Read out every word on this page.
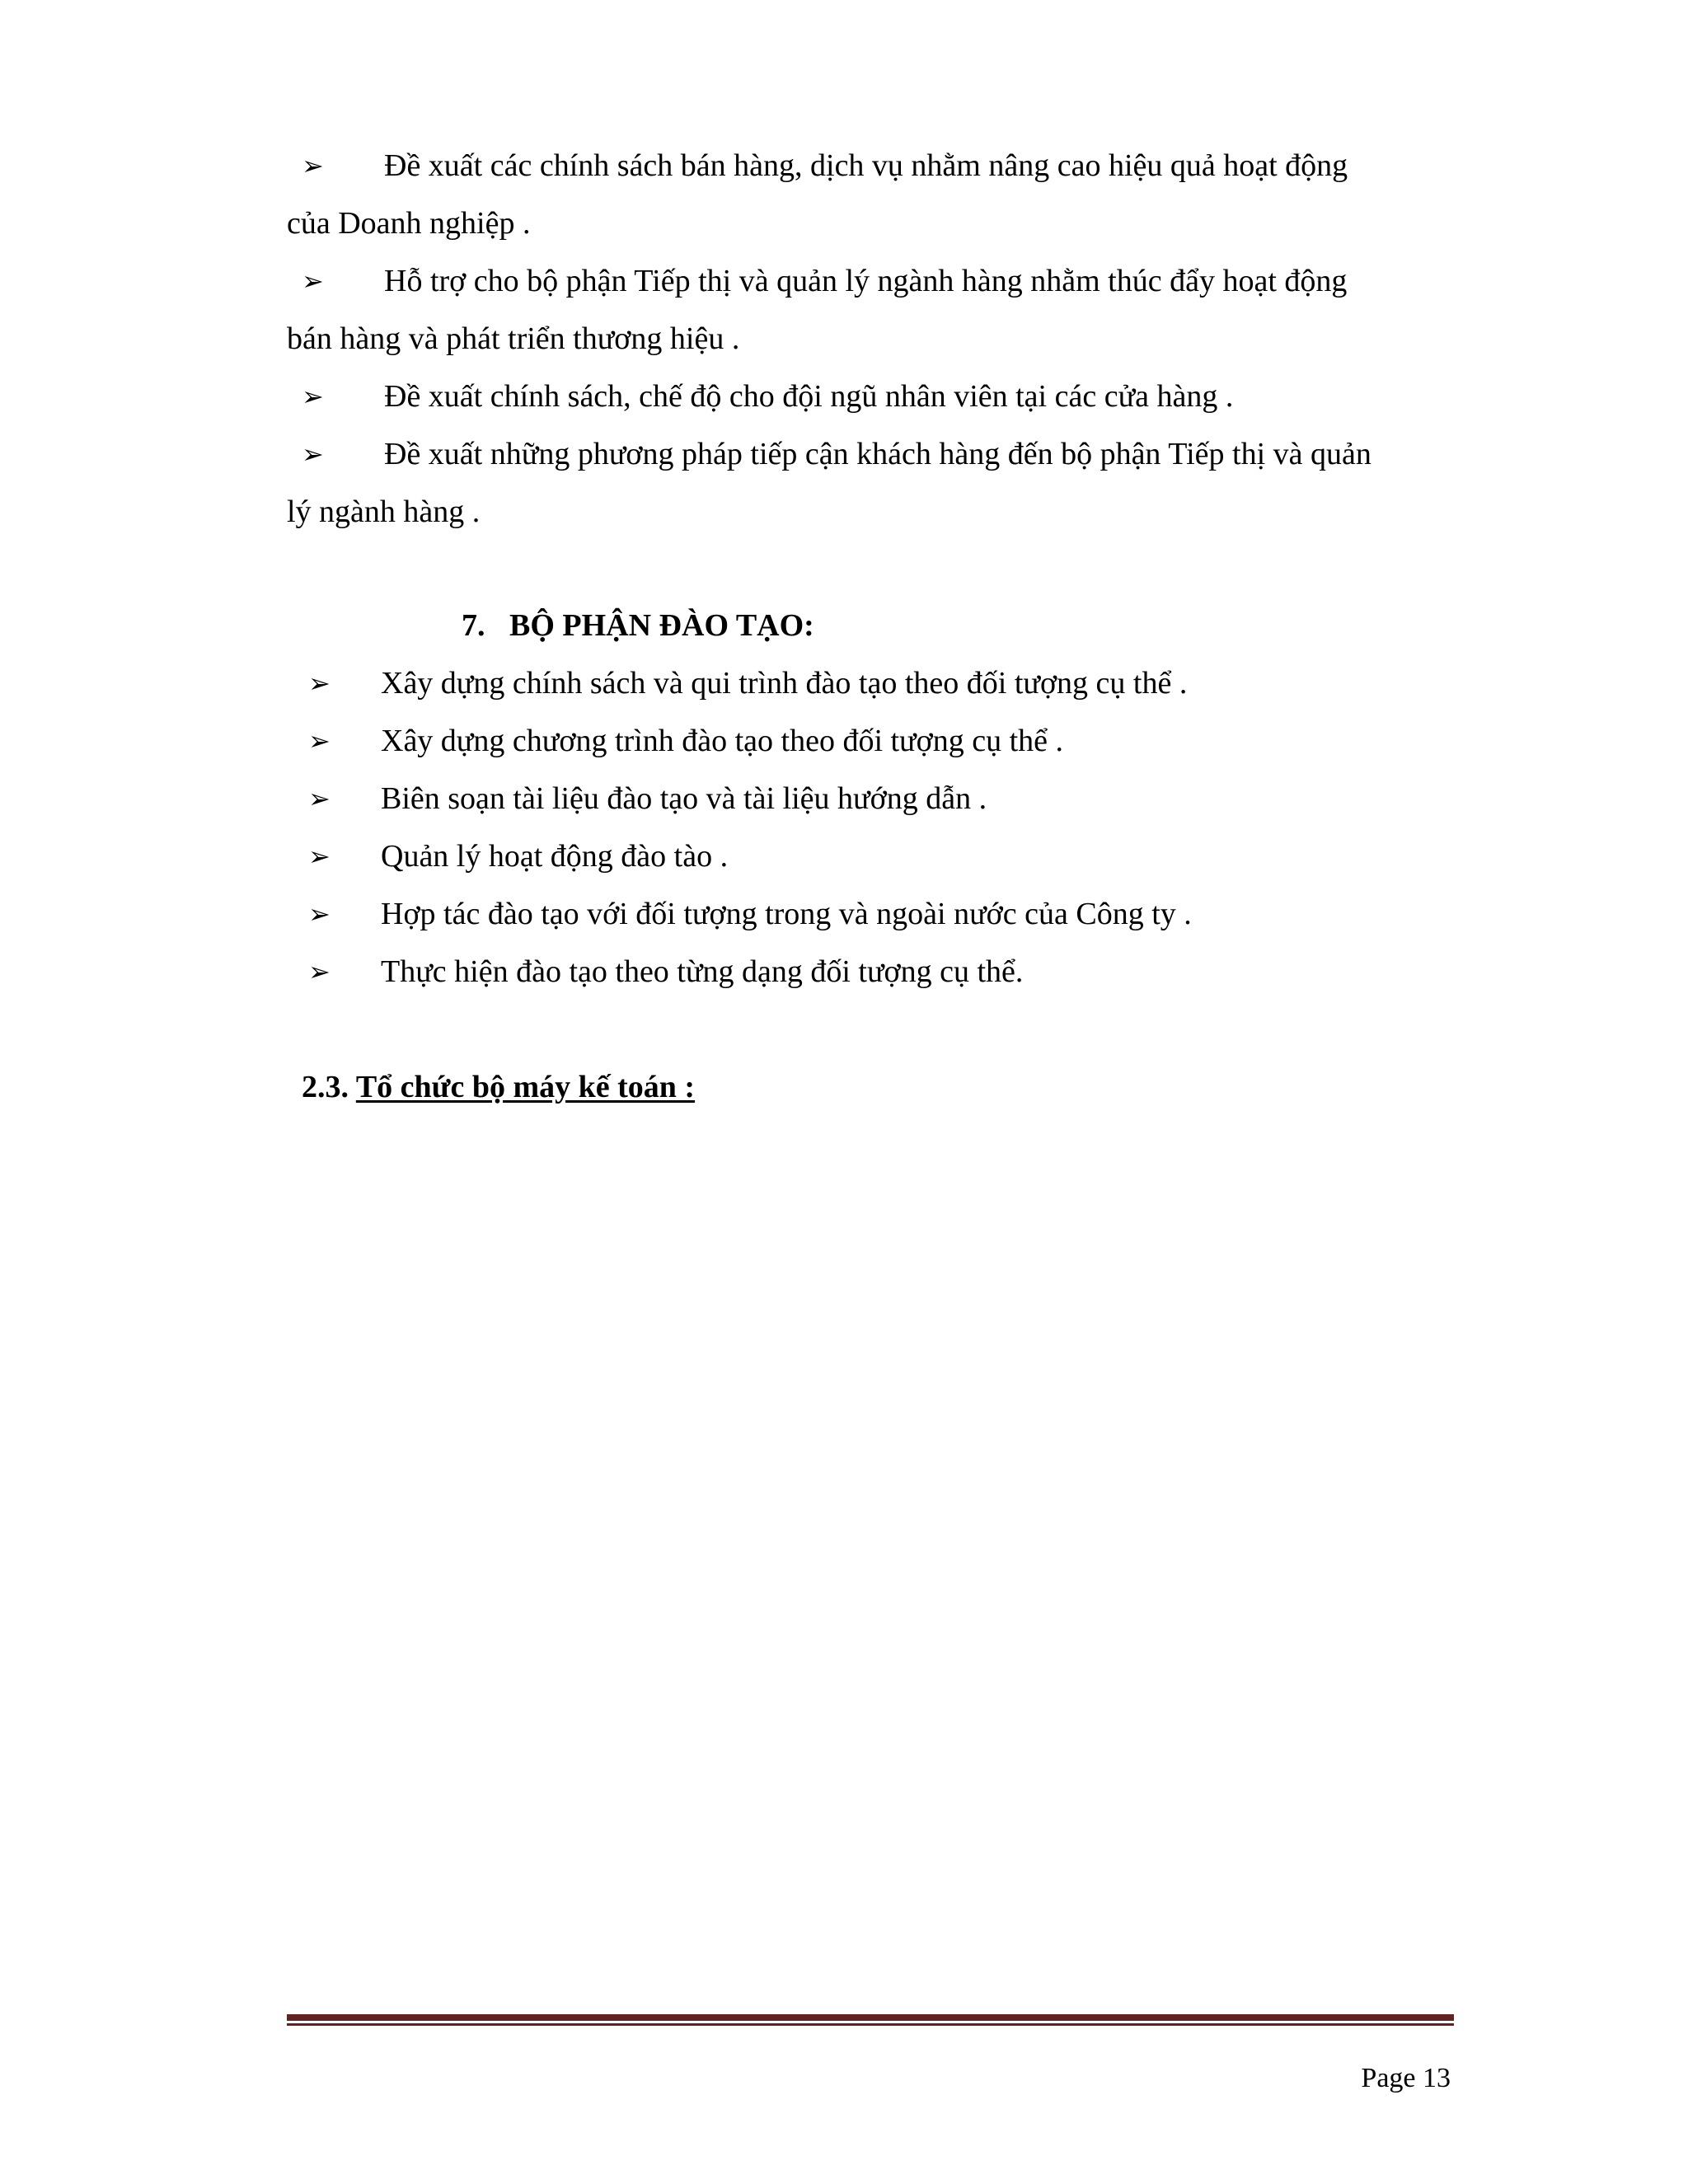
➢ Đề xuất các chính sách bán hàng, dịch vụ nhằm nâng cao hiệu quả hoạt động
của Doanh nghiệp .
➢ Hỗ trợ cho bộ phận Tiếp thị và quản lý ngành hàng nhằm thúc đẩy hoạt động
bán hàng và phát triển thương hiệu .
➢ Đề xuất chính sách, chế độ cho đội ngũ nhân viên tại các cửa hàng .
➢ Đề xuất những phương pháp tiếp cận khách hàng đến bộ phận Tiếp thị và quản
lý ngành hàng .
7. BỘ PHẬN ĐÀO TẠO:
➢ Xây dựng chính sách và qui trình đào tạo theo đối tượng cụ thể .
➢ Xây dựng chương trình đào tạo theo đối tượng cụ thể .
➢ Biên soạn tài liệu đào tạo và tài liệu hướng dẫn .
➢ Quản lý hoạt động đào tào .
➢ Hợp tác đào tạo với đối tượng trong và ngoài nước của Công ty .
➢ Thực hiện đào tạo theo từng dạng đối tượng cụ thể.
2.3. Tổ chức bộ máy kế toán :
Page 13
